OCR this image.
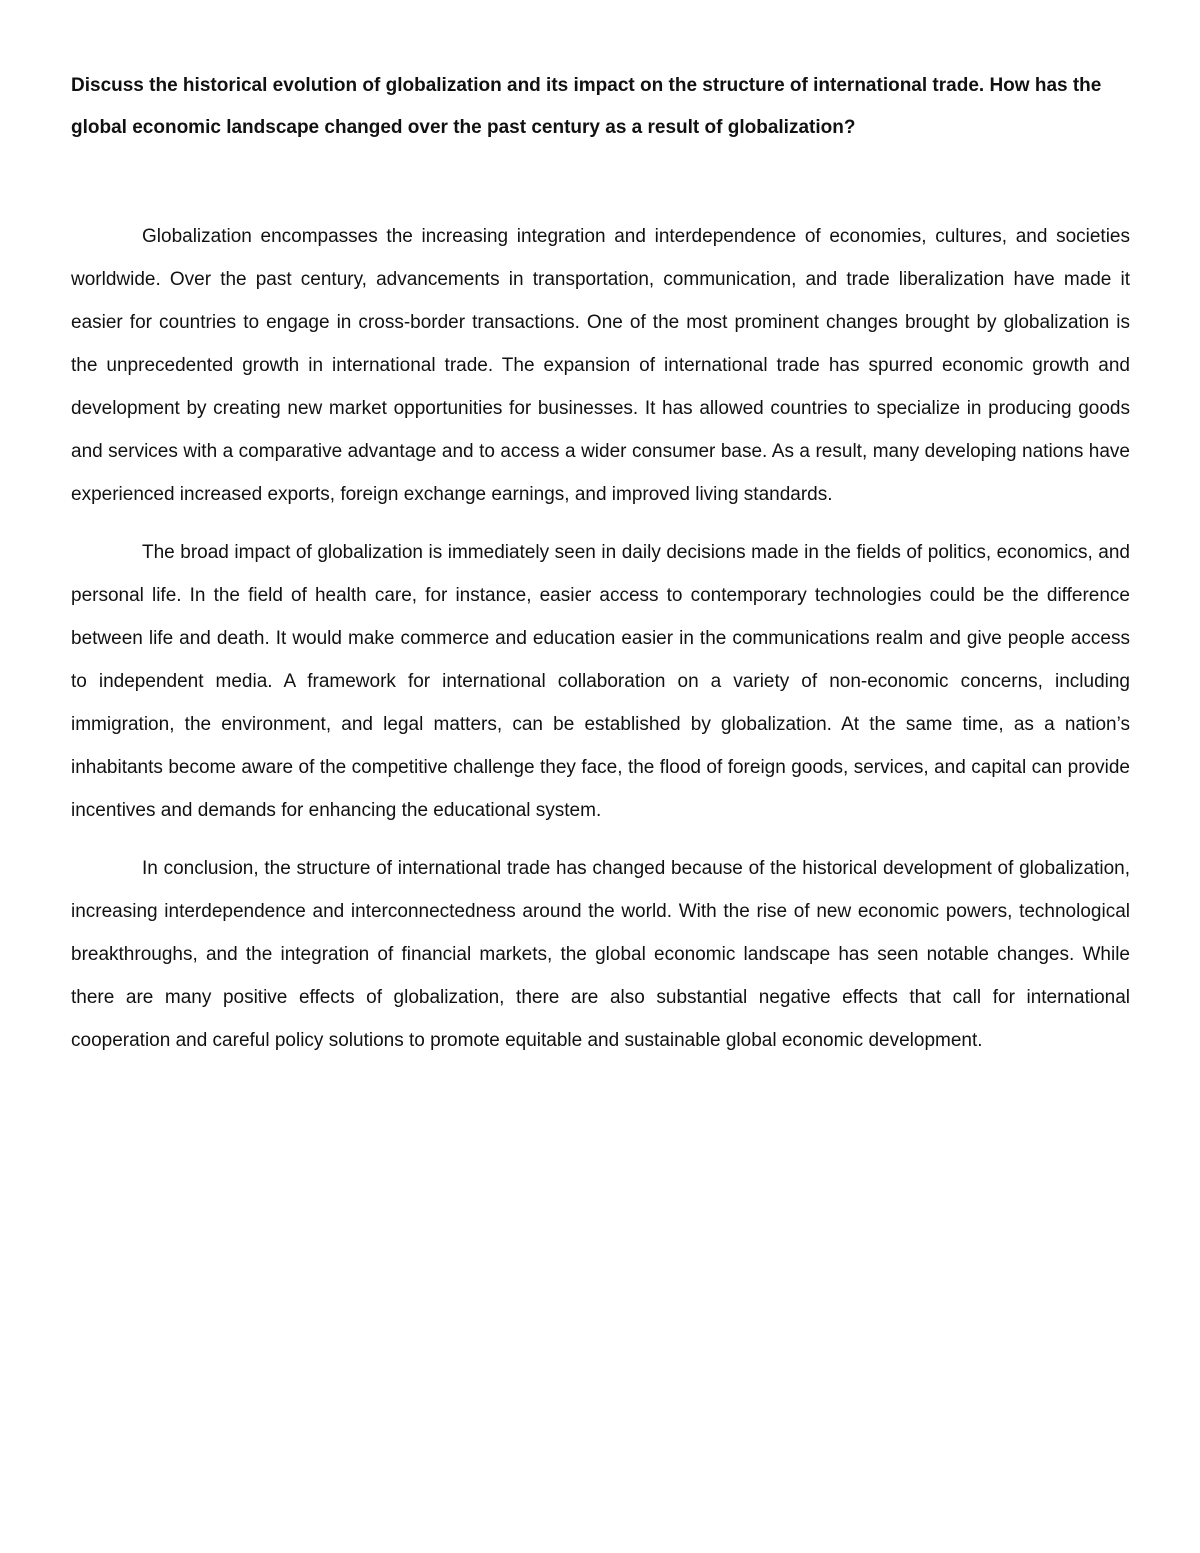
Discuss the historical evolution of globalization and its impact on the structure of international trade. How has the global economic landscape changed over the past century as a result of globalization?

Globalization encompasses the increasing integration and interdependence of economies, cultures, and societies worldwide. Over the past century, advancements in transportation, communication, and trade liberalization have made it easier for countries to engage in cross-border transactions. One of the most prominent changes brought by globalization is the unprecedented growth in international trade. The expansion of international trade has spurred economic growth and development by creating new market opportunities for businesses. It has allowed countries to specialize in producing goods and services with a comparative advantage and to access a wider consumer base. As a result, many developing nations have experienced increased exports, foreign exchange earnings, and improved living standards.

The broad impact of globalization is immediately seen in daily decisions made in the fields of politics, economics, and personal life. In the field of health care, for instance, easier access to contemporary technologies could be the difference between life and death. It would make commerce and education easier in the communications realm and give people access to independent media. A framework for international collaboration on a variety of non-economic concerns, including immigration, the environment, and legal matters, can be established by globalization. At the same time, as a nation’s inhabitants become aware of the competitive challenge they face, the flood of foreign goods, services, and capital can provide incentives and demands for enhancing the educational system.

In conclusion, the structure of international trade has changed because of the historical development of globalization, increasing interdependence and interconnectedness around the world. With the rise of new economic powers, technological breakthroughs, and the integration of financial markets, the global economic landscape has seen notable changes. While there are many positive effects of globalization, there are also substantial negative effects that call for international cooperation and careful policy solutions to promote equitable and sustainable global economic development.
